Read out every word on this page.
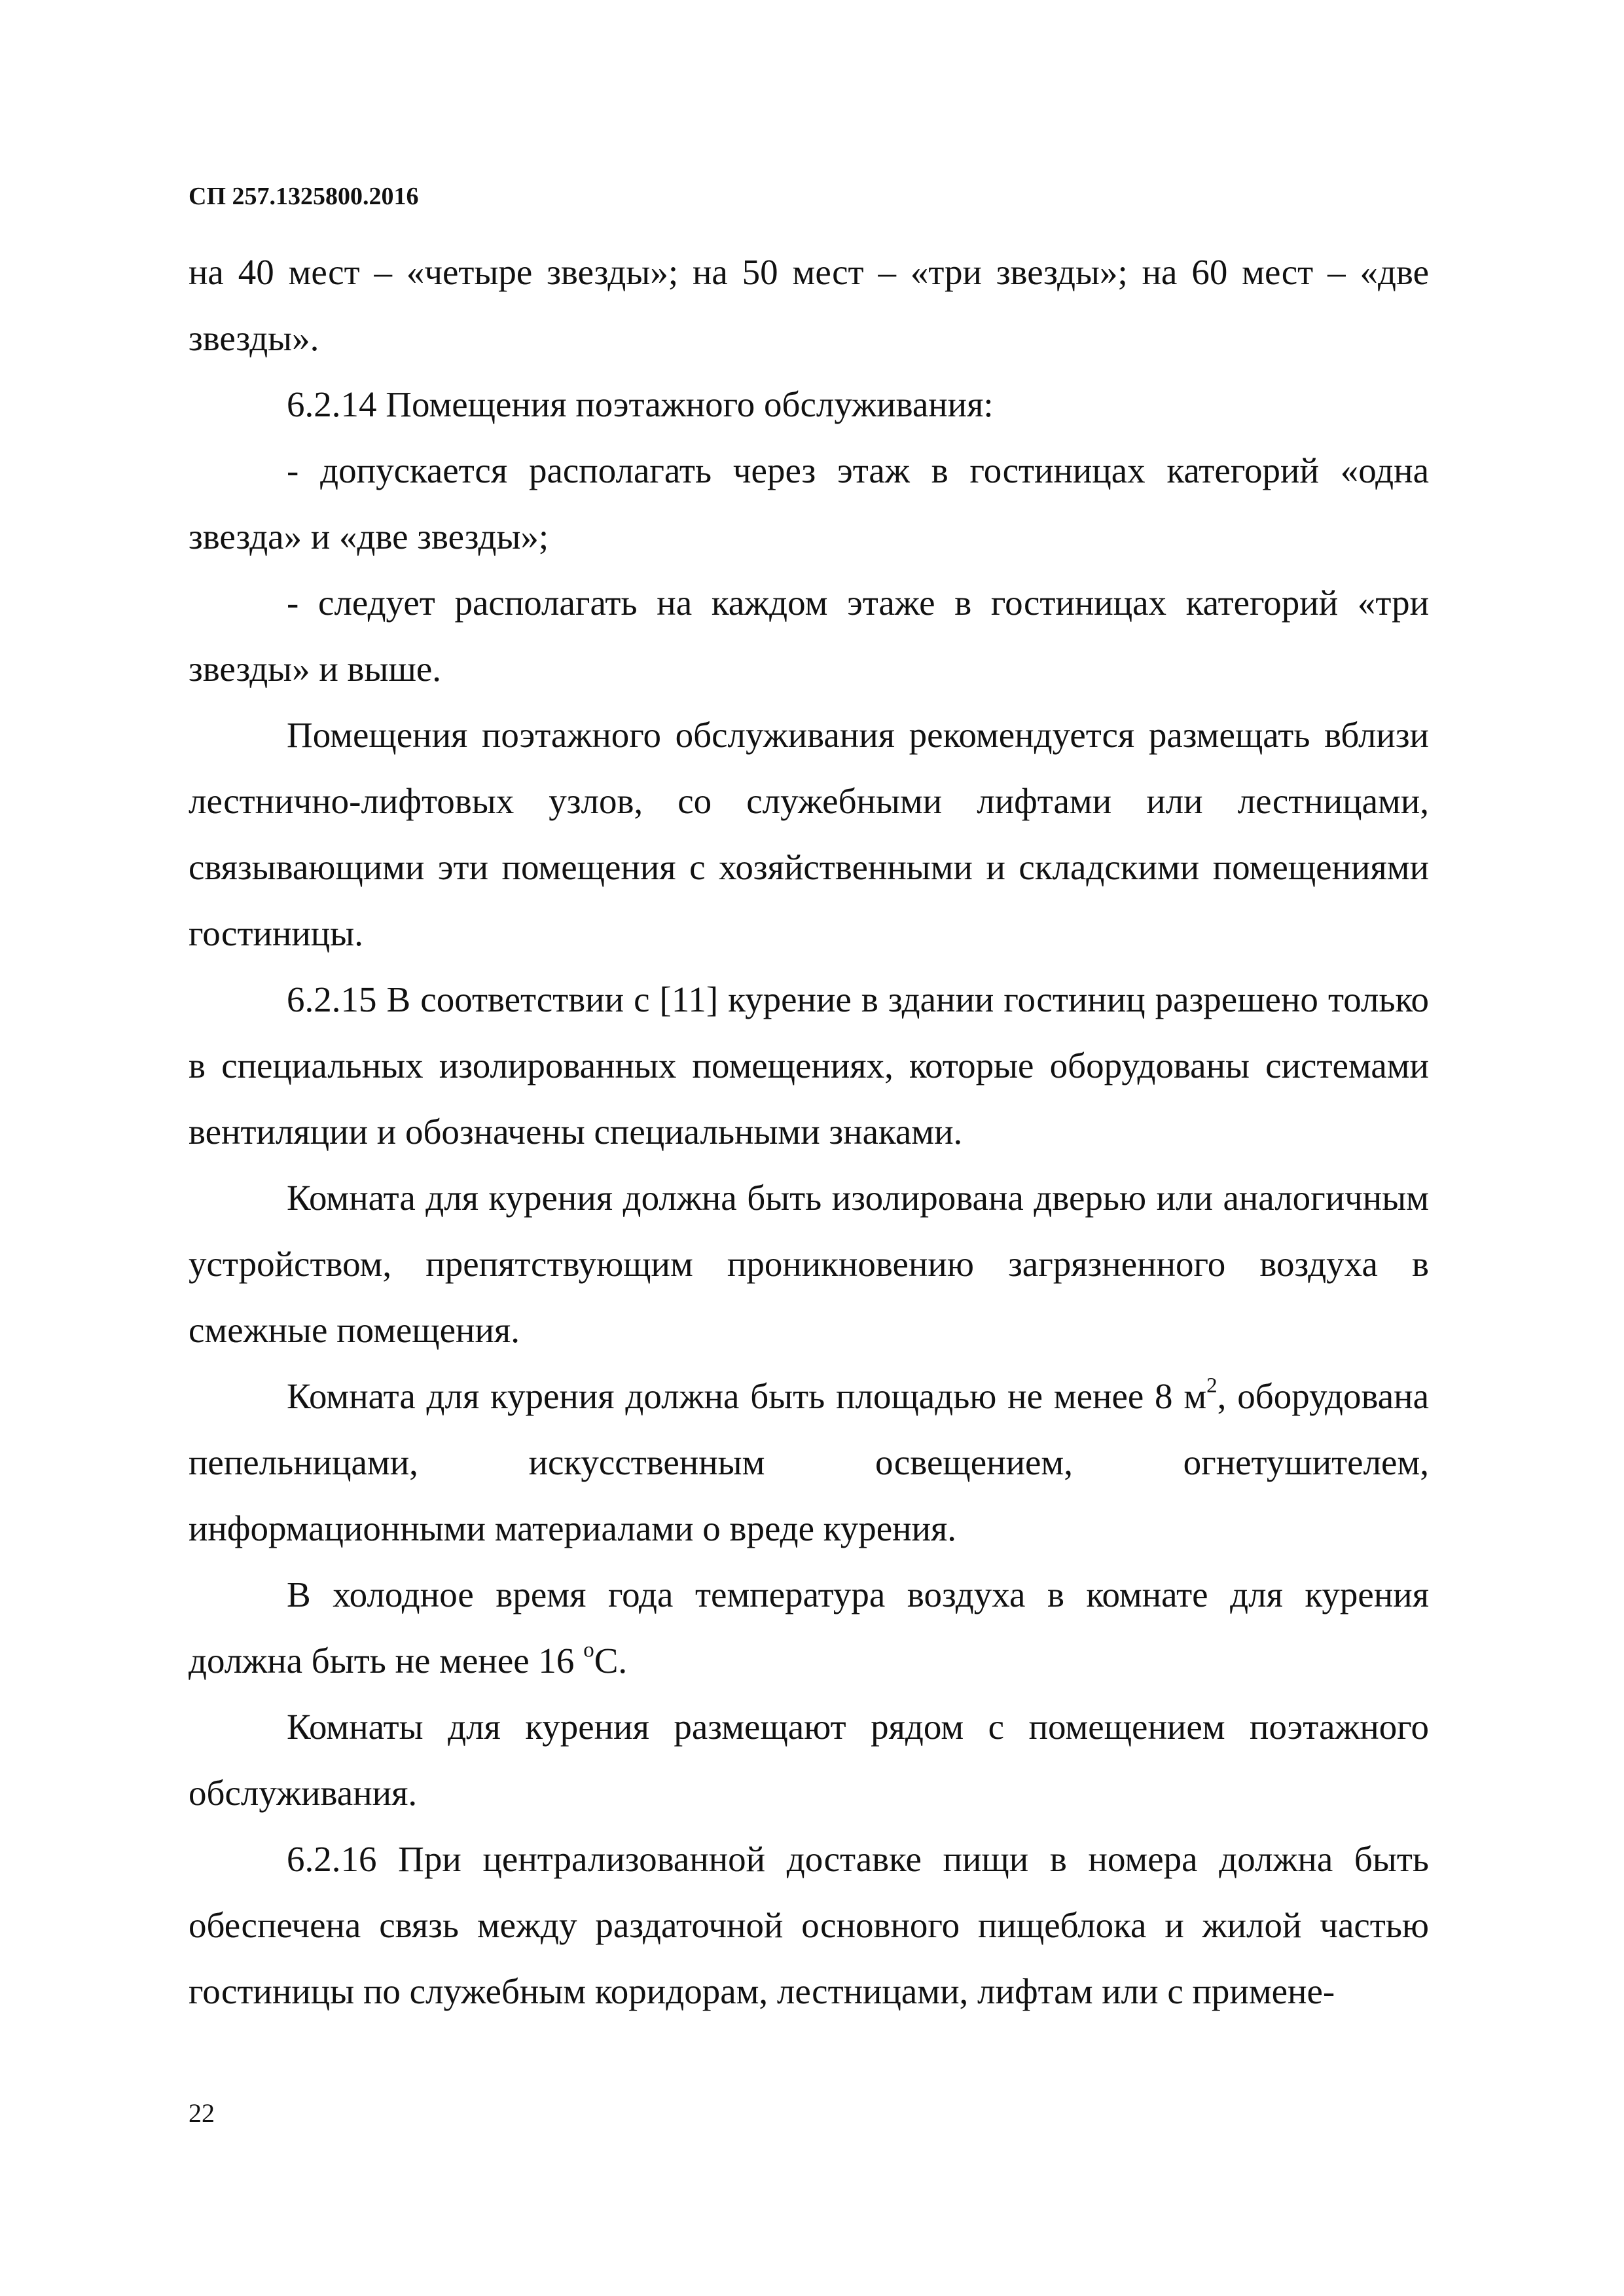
СП 257.1325800.2016

на 40 мест – «четыре звезды»; на 50 мест – «три звезды»; на 60 мест – «две звезды».

6.2.14 Помещения поэтажного обслуживания:

- допускается располагать через этаж в гостиницах категорий «одна звезда» и «две звезды»;

- следует располагать на каждом этаже в гостиницах категорий «три звезды» и выше.

Помещения поэтажного обслуживания рекомендуется размещать вблизи лестнично-лифтовых узлов, со служебными лифтами или лестницами, связывающими эти помещения с хозяйственными и складскими помещениями гостиницы.

6.2.15 В соответствии с [11] курение в здании гостиниц разрешено только в специальных изолированных помещениях, которые оборудованы системами вентиляции и обозначены специальными знаками.

Комната для курения должна быть изолирована дверью или аналогичным устройством, препятствующим проникновению загрязненного воздуха в смежные помещения.

Комната для курения должна быть площадью не менее 8 $м^2$, оборудована пепельницами, искусственным освещением, огнетушителем, информационными материалами о вреде курения.

В холодное время года температура воздуха в комнате для курения должна быть не менее 16 $^о$С.

Комнаты для курения размещают рядом с помещением поэтажного обслуживания.

6.2.16 При централизованной доставке пищи в номера должна быть обеспечена связь между раздаточной основного пищеблока и жилой частью гостиницы по служебным коридорам, лестницами, лифтам или с примене-

22
